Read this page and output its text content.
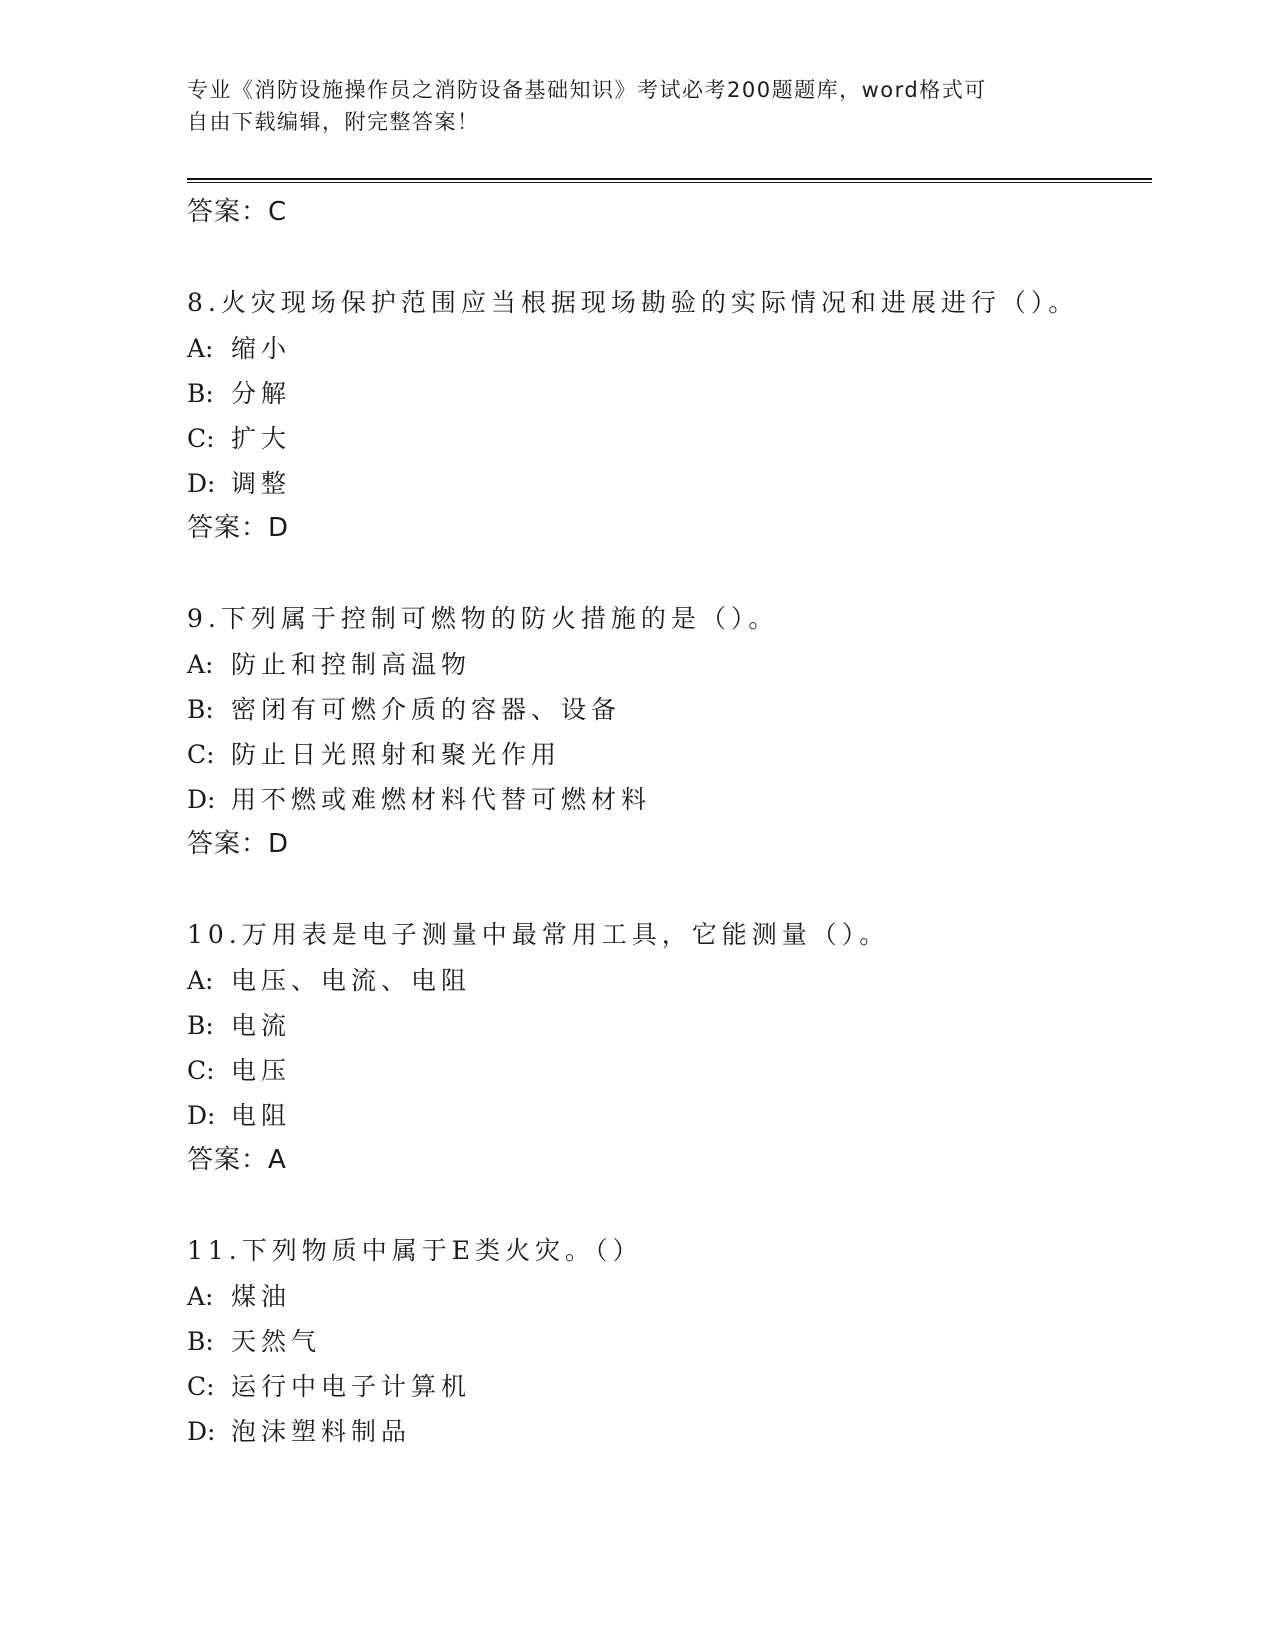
专业《消防设施操作员之消防设备基础知识》考试必考200题题库，word格式可

自由下载编辑，附完整答案！

答案：C
8.火灾现场保护范围应当根据现场勘验的实际情况和进展进行（）。
A: 缩小
B: 分解
C: 扩大
D: 调整
答案：D
9.下列属于控制可燃物的防火措施的是（）。
A: 防止和控制高温物
B: 密闭有可燃介质的容器、设备
C: 防止日光照射和聚光作用
D: 用不燃或难燃材料代替可燃材料
答案：D
10.万用表是电子测量中最常用工具，它能测量（）。
A: 电压、电流、电阻
B: 电流
C: 电压
D: 电阻
答案：A
11.下列物质中属于E类火灾。（）
A: 煤油
B: 天然气
C: 运行中电子计算机
D: 泡沫塑料制品
